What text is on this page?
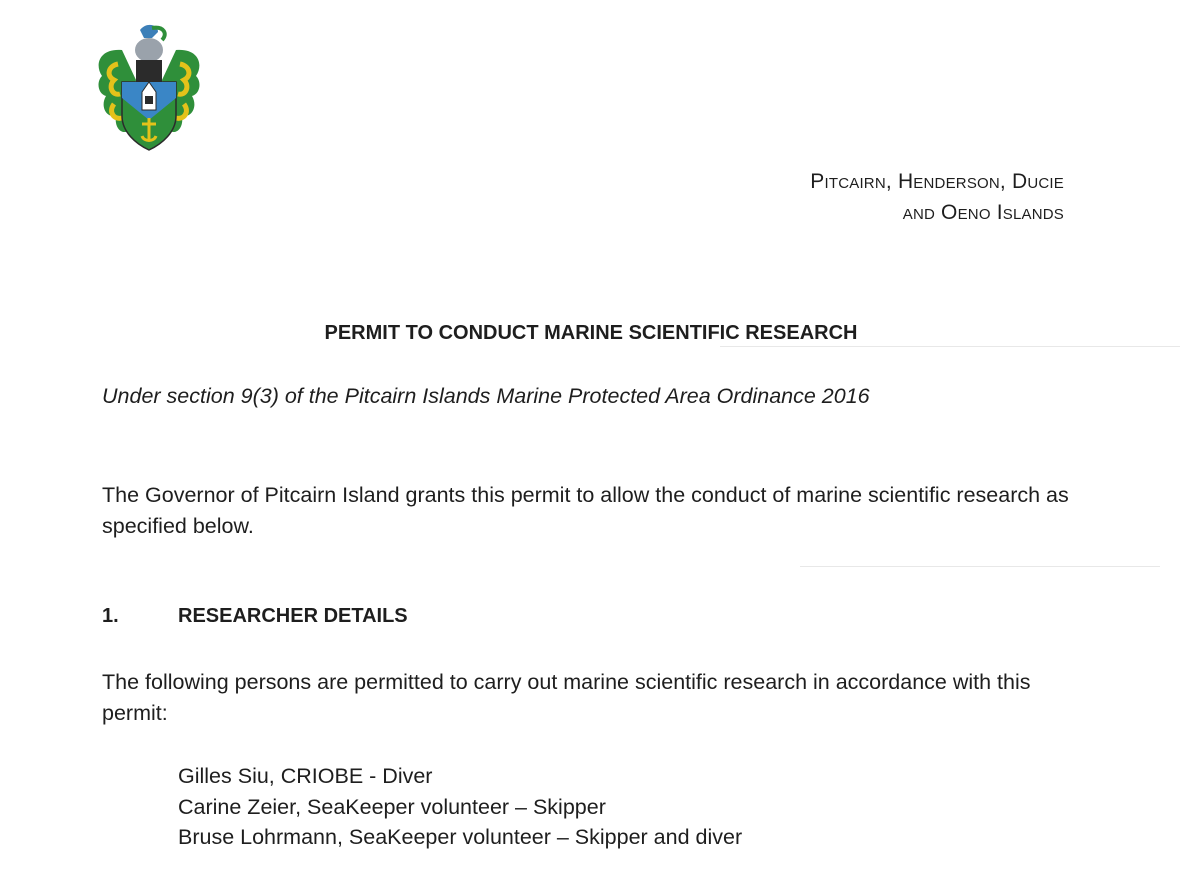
Pitcairn, Henderson, Ducie
and Oeno Islands
PERMIT TO CONDUCT MARINE SCIENTIFIC RESEARCH
Under section 9(3) of the Pitcairn Islands Marine Protected Area Ordinance 2016
The Governor of Pitcairn Island grants this permit to allow the conduct of marine scientific research as specified below.
1.	RESEARCHER DETAILS
The following persons are permitted to carry out marine scientific research in accordance with this permit:
Gilles Siu, CRIOBE - Diver
Carine Zeier, SeaKeeper volunteer – Skipper
Bruse Lohrmann, SeaKeeper volunteer – Skipper and diver
